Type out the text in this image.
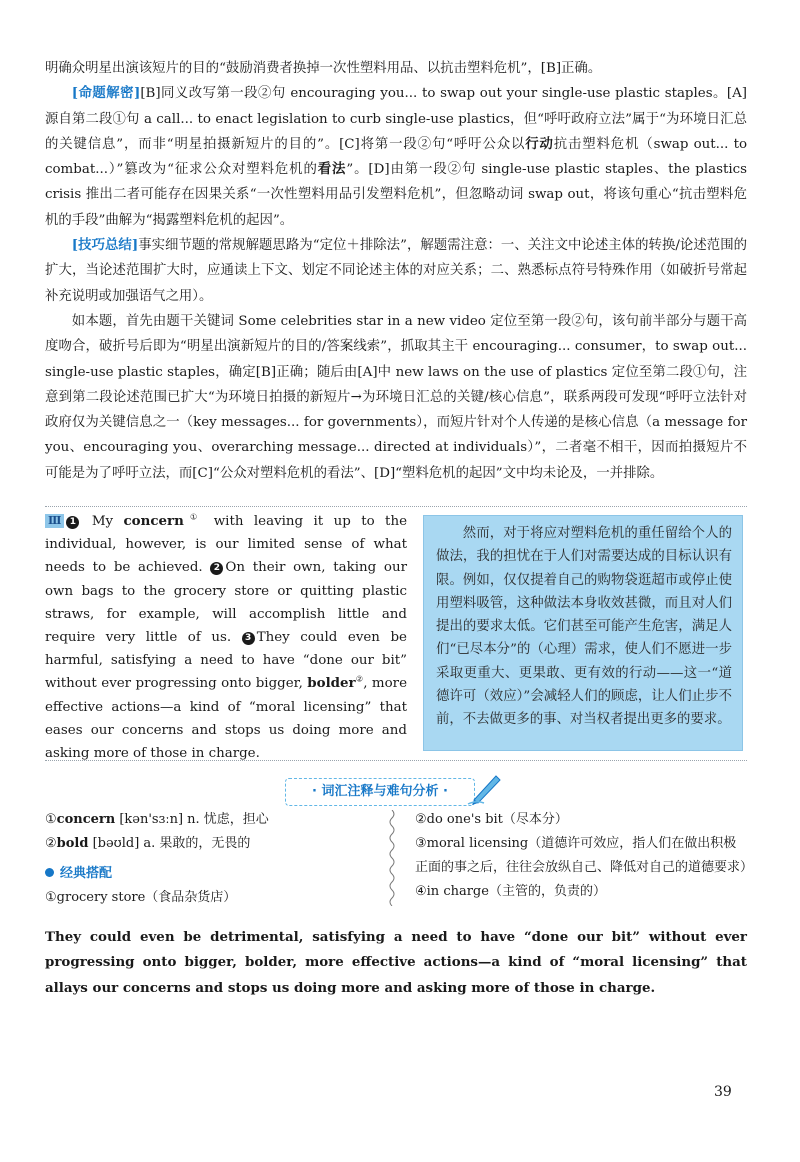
明确众明星出演该短片的目的“鼓励消费者换掉一次性塑料用品、以抗击塑料危机”，[B]正确。

[命题解密][B]同义改写第一段②句 encouraging you... to swap out your single-use plastic staples。[A]源自第二段①句 a call... to enact legislation to curb single-use plastics，但“呼吁政府立法”属于“为环境日汇总的关键信息”，而非“明星拍摄新短片的目的”。[C]将第一段②句“呼吁公众以行动抗击塑料危机（swap out... to combat...）”篡改为“征求公众对塑料危机的看法”。[D]由第一段②句 single-use plastic staples、the plastics crisis 推出二者可能存在因果关系“一次性塑料用品引发塑料危机”，但忽略动词 swap out，将该句重心“抗击塑料危机的手段”曲解为“揭露塑料危机的起因”。

[技巧总结]事实细节题的常规解题思路为“定位＋排除法”，解题需注意：一、关注文中论述主体的转换/论述范围的扩大，当论述范围扩大时，应通读上下文、划定不同论述主体的对应关系；二、熟悉标点符号特殊作用（如破折号常起补充说明或加强语气之用）。

如本题，首先由题干关键词 Some celebrities star in a new video 定位至第一段②句，该句前半部分与题干高度吻合，破折号后即为“明星出演新短片的目的/答案线索”，抓取其主干 encouraging... consumer，to swap out... single-use plastic staples，确定[B]正确；随后由[A]中 new laws on the use of plastics 定位至第二段①句，注意到第二段论述范围已扩大“为环境日拍摄的新短片→为环境日汇总的关键/核心信息”，联系两段可发现“呼吁立法针对政府仅为关键信息之一（key messages... for governments），而短片针对个人传递的是核心信息（a message for you、encouraging you、overarching message... directed at individuals）”，二者毫不相干，因而拍摄短片不可能是为了呼吁立法，而[C]“公众对塑料危机的看法”、[D]“塑料危机的起因”文中均未论及，一并排除。

Ⅲ 1 My concern① with leaving it up to the individual, however, is our limited sense of what needs to be achieved. 2 On their own, taking our own bags to the grocery store or quitting plastic straws, for example, will accomplish little and require very little of us. 3 They could even be harmful, satisfying a need to have “done our bit” without ever progressing onto bigger, bolder②, more effective actions—a kind of “moral licensing” that eases our concerns and stops us doing more and asking more of those in charge.

然而，对于将应对塑料危机的重任留给个人的做法，我的担忧在于人们对需要达成的目标认识有限。例如，仅仅提着自己的购物袋逛超市或停止使用塑料吸管，这种做法本身收效甚微，而且对人们提出的要求太低。它们甚至可能产生危害，满足人们“已尽本分”的（心理）需求，使人们不愿进一步采取更重大、更果敢、更有效的行动——这一“道德许可（效应）”会减轻人们的顾虑，让人们止步不前，不去做更多的事、对当权者提出更多的要求。

· 词汇注释与难句分析 ·
①concern [kən'sɜːn] n. 忧虑，担心
②bold [bəʊld] a. 果敢的，无畏的
经典搭配
①grocery store（食品杂货店）
②do one's bit（尽本分）
③moral licensing（道德许可效应，指人们在做出积极正面的事之后，往往会放纵自己、降低对自己的道德要求）
④in charge（主管的，负责的）
They could even be detrimental, satisfying a need to have “done our bit” without ever progressing onto bigger, bolder, more effective actions—a kind of “moral licensing” that allays our concerns and stops us doing more and asking more of those in charge.
39
